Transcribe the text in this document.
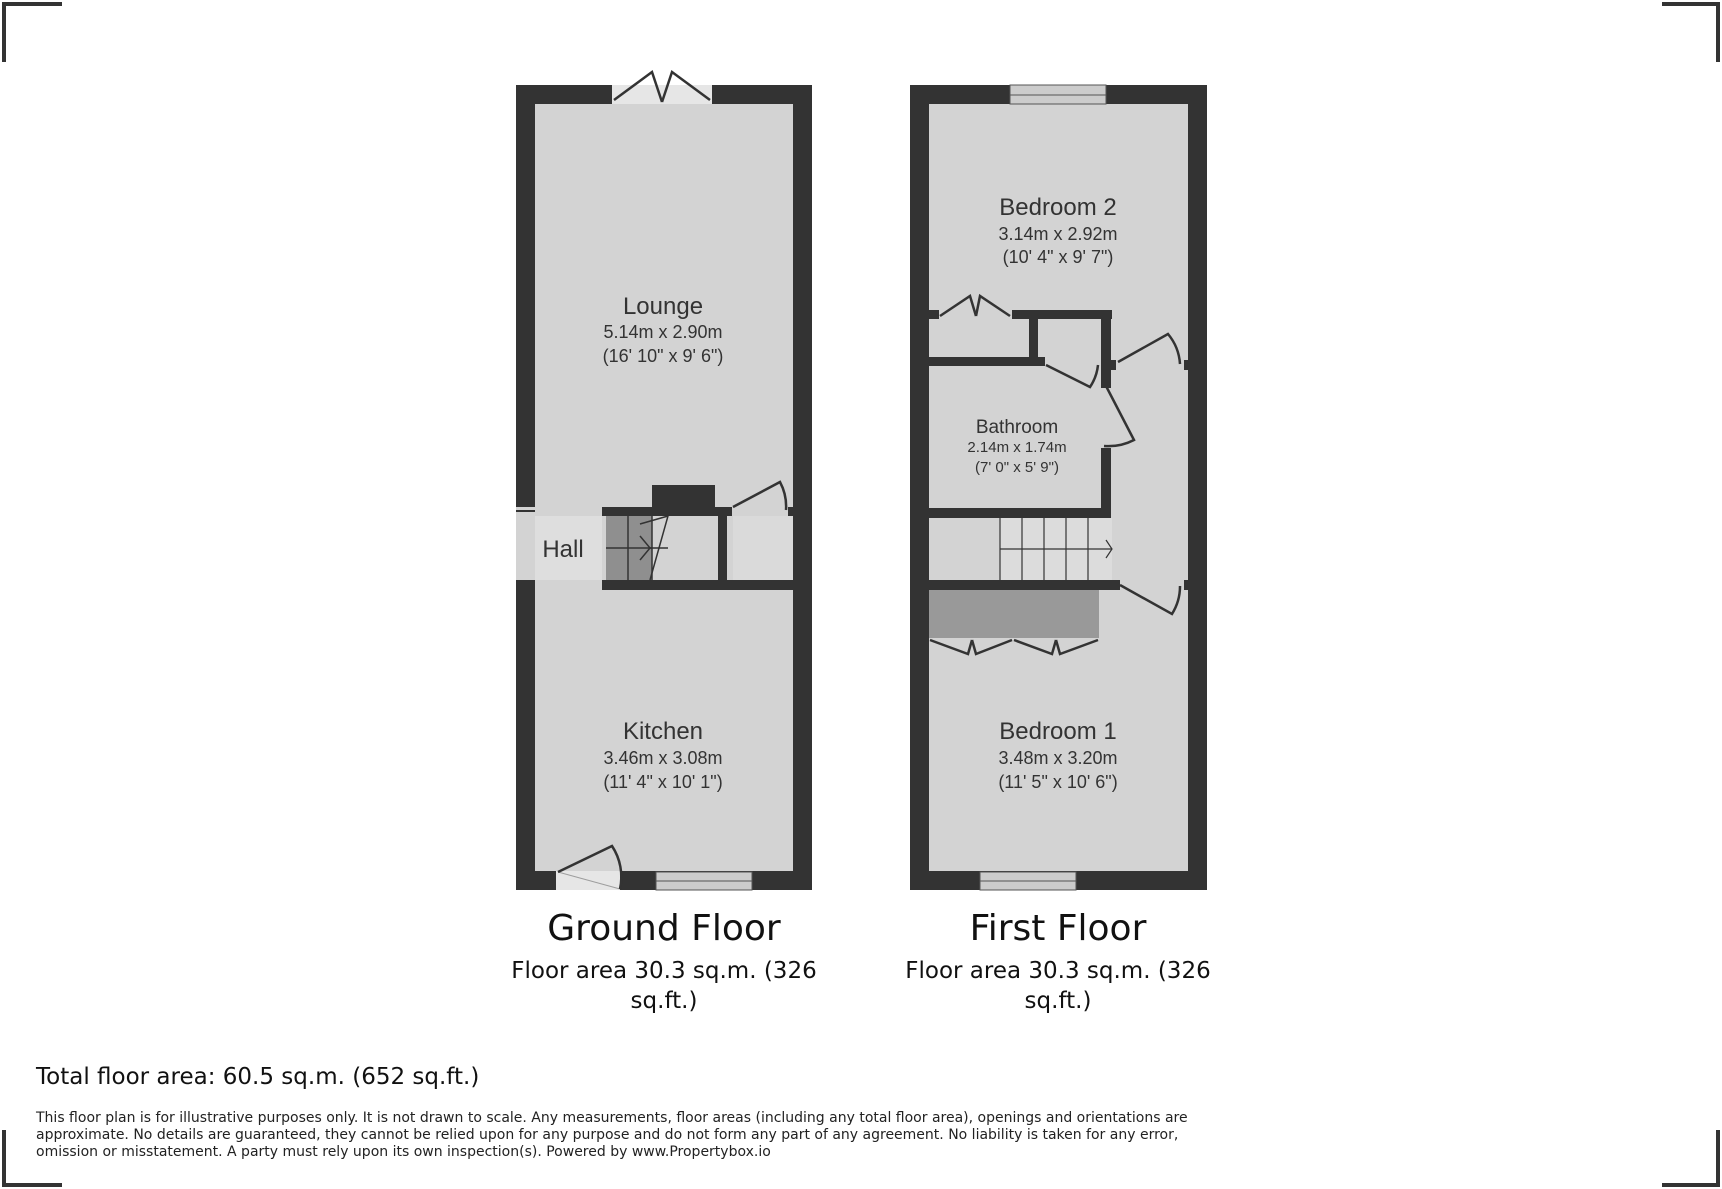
Lounge
5.14m x 2.90m
(16' 10" x 9' 6")
Hall
Kitchen
3.46m x 3.08m
(11' 4" x 10' 1")
Bedroom 2
3.14m x 2.92m
(10' 4" x 9' 7")
Bathroom
2.14m x 1.74m
(7' 0" x 5' 9")
Bedroom 1
3.48m x 3.20m
(11' 5" x 10' 6")
Ground Floor
Floor area 30.3 sq.m. (326
sq.ft.)
First Floor
Floor area 30.3 sq.m. (326
sq.ft.)
Total floor area: 60.5 sq.m. (652 sq.ft.)
This floor plan is for illustrative purposes only. It is not drawn to scale. Any measurements, floor areas (including any total floor area), openings and orientations are
approximate. No details are guaranteed, they cannot be relied upon for any purpose and do not form any part of any agreement. No liability is taken for any error,
omission or misstatement. A party must rely upon its own inspection(s). Powered by www.Propertybox.io
